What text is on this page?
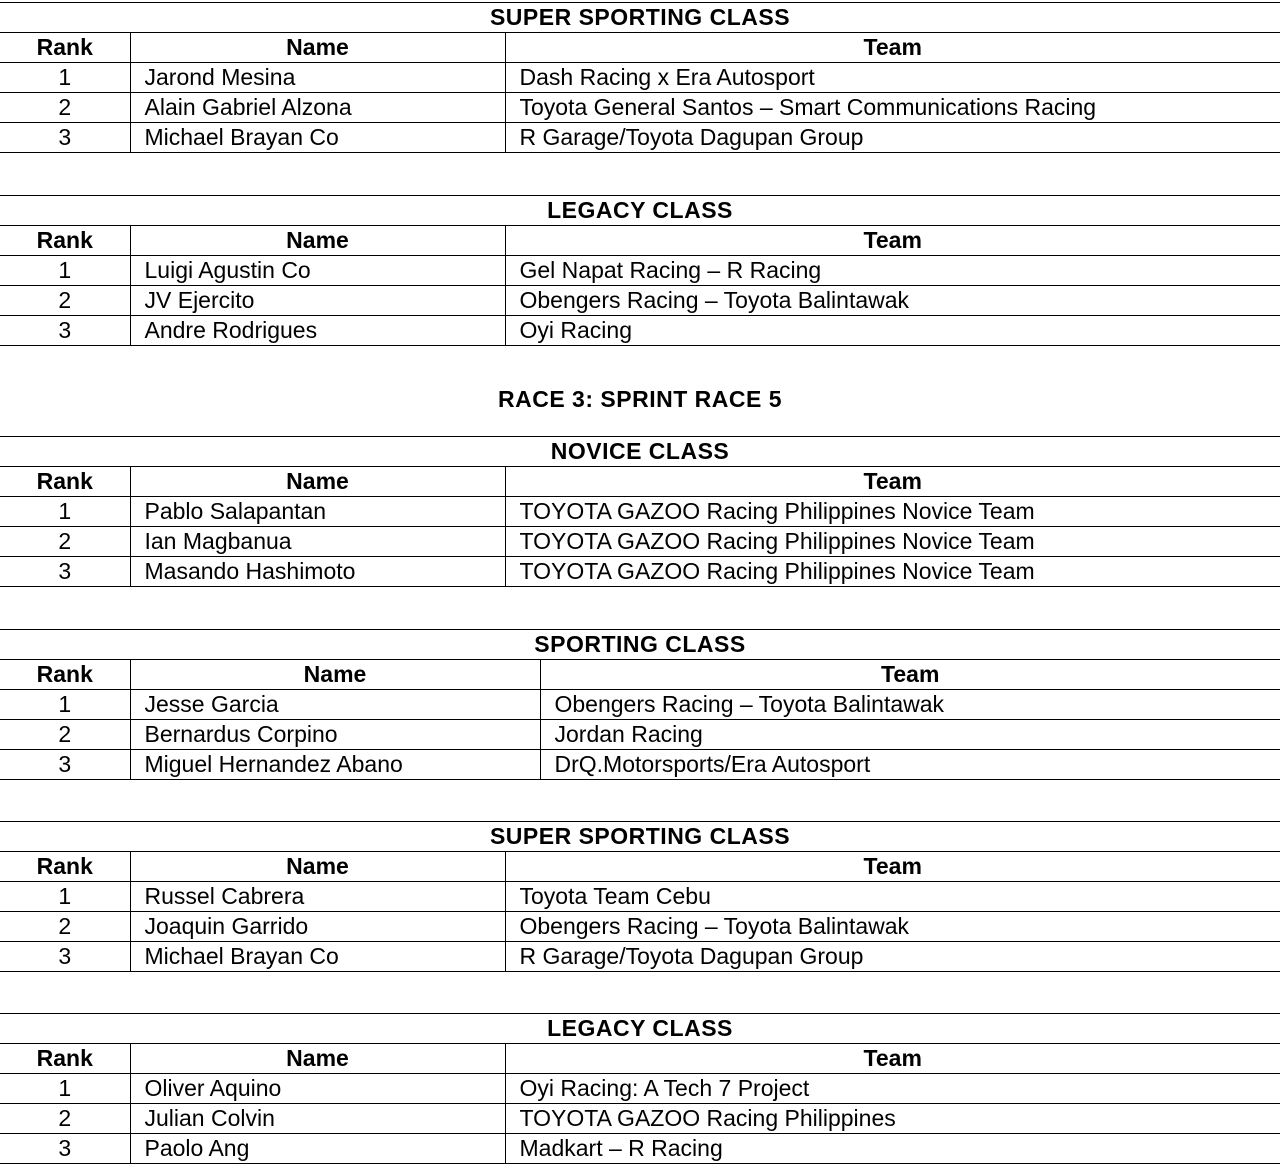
SUPER SPORTING CLASS		
Rank	Name	Team
1	Jarond Mesina	Dash Racing x Era Autosport
2	Alain Gabriel Alzona	Toyota General Santos – Smart Communications Racing
3	Michael Brayan Co	R Garage/Toyota Dagupan Group
LEGACY CLASS		
Rank	Name	Team
1	Luigi Agustin Co	Gel Napat Racing – R Racing
2	JV Ejercito	Obengers Racing – Toyota Balintawak
3	Andre Rodrigues	Oyi Racing
RACE 3: SPRINT RACE 5
NOVICE CLASS		
Rank	Name	Team
1	Pablo Salapantan	TOYOTA GAZOO Racing Philippines Novice Team
2	Ian Magbanua	TOYOTA GAZOO Racing Philippines Novice Team
3	Masando Hashimoto	TOYOTA GAZOO Racing Philippines Novice Team
SPORTING CLASS		
Rank	Name	Team
1	Jesse Garcia	Obengers Racing – Toyota Balintawak
2	Bernardus Corpino	Jordan Racing
3	Miguel Hernandez Abano	DrQ.Motorsports/Era Autosport
SUPER SPORTING CLASS		
Rank	Name	Team
1	Russel Cabrera	Toyota Team Cebu
2	Joaquin Garrido	Obengers Racing – Toyota Balintawak
3	Michael Brayan Co	R Garage/Toyota Dagupan Group
LEGACY CLASS		
Rank	Name	Team
1	Oliver Aquino	Oyi Racing: A Tech 7 Project
2	Julian Colvin	TOYOTA GAZOO Racing Philippines
3	Paolo Ang	Madkart – R Racing
